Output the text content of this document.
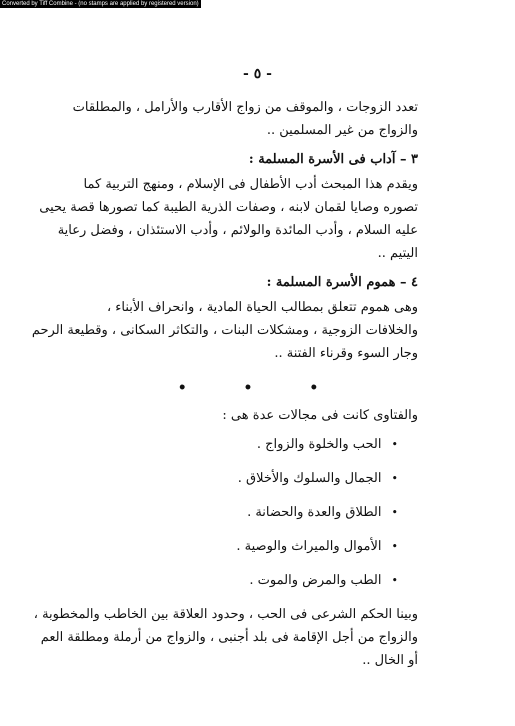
Converted by Tiff Combine - (no stamps are applied by registered version)
- ٥ -
تعدد الزوجات ، والموقف من زواج الأقارب والأرامل ، والمطلقات
والزواج من غير المسلمين ..
٣ – آداب فى الأسرة المسلمة :
ويقدم هذا المبحث أدب الأطفال فى الإسلام ، ومنهج التربية كما
تصوره وصايا لقمان لابنه ، وصفات الذرية الطيبة كما تصورها قصة يحيى
عليه السلام ، وأدب المائدة والولائم ، وأدب الاستئذان ، وفضل رعاية
اليتيم ..
٤ – هموم الأسرة المسلمة :
وهى هموم تتعلق بمطالب الحياة المادية ، وانحراف الأبناء ،
والخلافات الزوجية ، ومشكلات البنات ، والتكاثر السكانى ، وقطيعة الرحم
وجار السوء وقرناء الفتنة ..
• • •
والفتاوى كانت فى مجالات عدة هى :
•الحب والخلوة والزواج .
•الجمال والسلوك والأخلاق .
•الطلاق والعدة والحضانة .
•الأموال والميراث والوصية .
•الطب والمرض والموت .
وبينا الحكم الشرعى فى الحب ، وحدود العلاقة بين الخاطب والمخطوبة ،
والزواج من أجل الإقامة فى بلد أجنبى ، والزواج من أرملة ومطلقة العم
أو الخال ..
